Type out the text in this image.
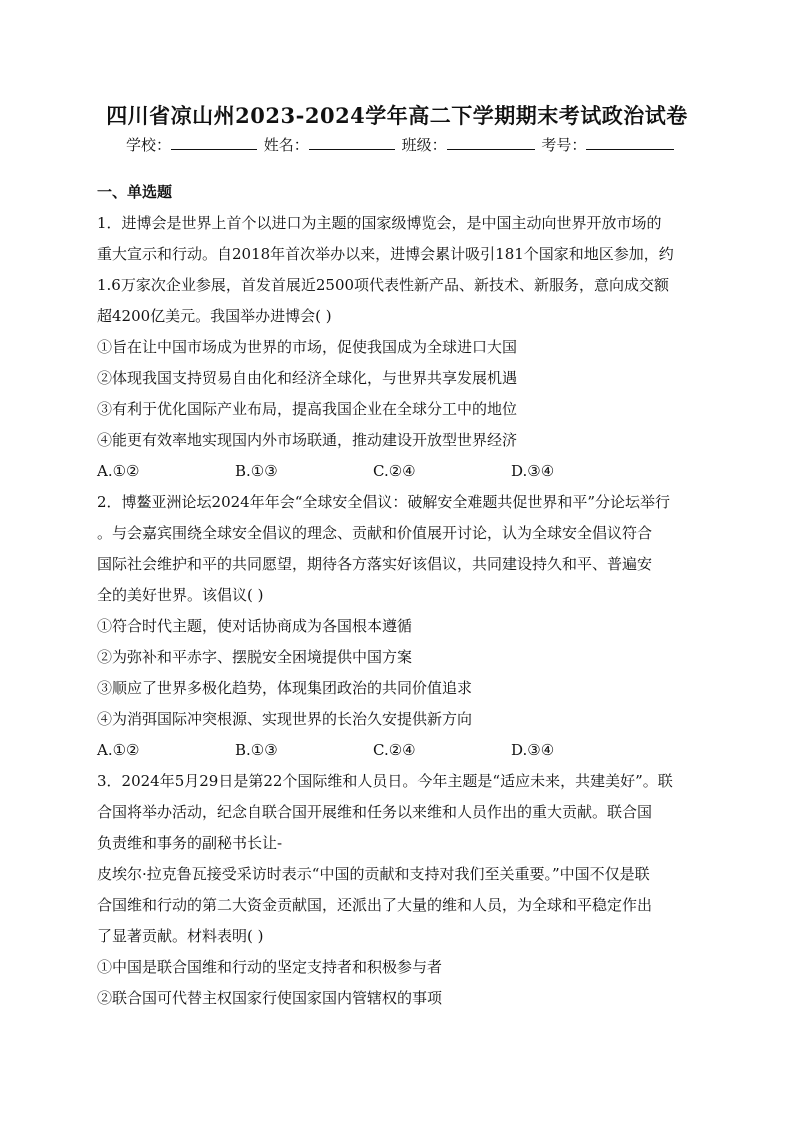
四川省凉山州2023-2024学年高二下学期期末考试政治试卷
学校：	姓名：	班级：	考号：
一、单选题
1．进博会是世界上首个以进口为主题的国家级博览会，是中国主动向世界开放市场的
重大宣示和行动。自2018年首次举办以来，进博会累计吸引181个国家和地区参加，约
1.6万家次企业参展，首发首展近2500项代表性新产品、新技术、新服务，意向成交额
超4200亿美元。我国举办进博会( )
①旨在让中国市场成为世界的市场，促使我国成为全球进口大国
②体现我国支持贸易自由化和经济全球化，与世界共享发展机遇
③有利于优化国际产业布局，提高我国企业在全球分工中的地位
④能更有效率地实现国内外市场联通，推动建设开放型世界经济
A.①②	B.①③	C.②④	D.③④
2．博鳌亚洲论坛2024年年会“全球安全倡议：破解安全难题共促世界和平”分论坛举行
。与会嘉宾围绕全球安全倡议的理念、贡献和价值展开讨论，认为全球安全倡议符合
国际社会维护和平的共同愿望，期待各方落实好该倡议，共同建设持久和平、普遍安
全的美好世界。该倡议( )
①符合时代主题，使对话协商成为各国根本遵循
②为弥补和平赤字、摆脱安全困境提供中国方案
③顺应了世界多极化趋势，体现集团政治的共同价值追求
④为消弭国际冲突根源、实现世界的长治久安提供新方向
A.①②	B.①③	C.②④	D.③④
3．2024年5月29日是第22个国际维和人员日。今年主题是“适应未来，共建美好”。联
合国将举办活动，纪念自联合国开展维和任务以来维和人员作出的重大贡献。联合国
负责维和事务的副秘书长让-
皮埃尔·拉克鲁瓦接受采访时表示“中国的贡献和支持对我们至关重要。”中国不仅是联
合国维和行动的第二大资金贡献国，还派出了大量的维和人员，为全球和平稳定作出
了显著贡献。材料表明( )
①中国是联合国维和行动的坚定支持者和积极参与者
②联合国可代替主权国家行使国家国内管辖权的事项
